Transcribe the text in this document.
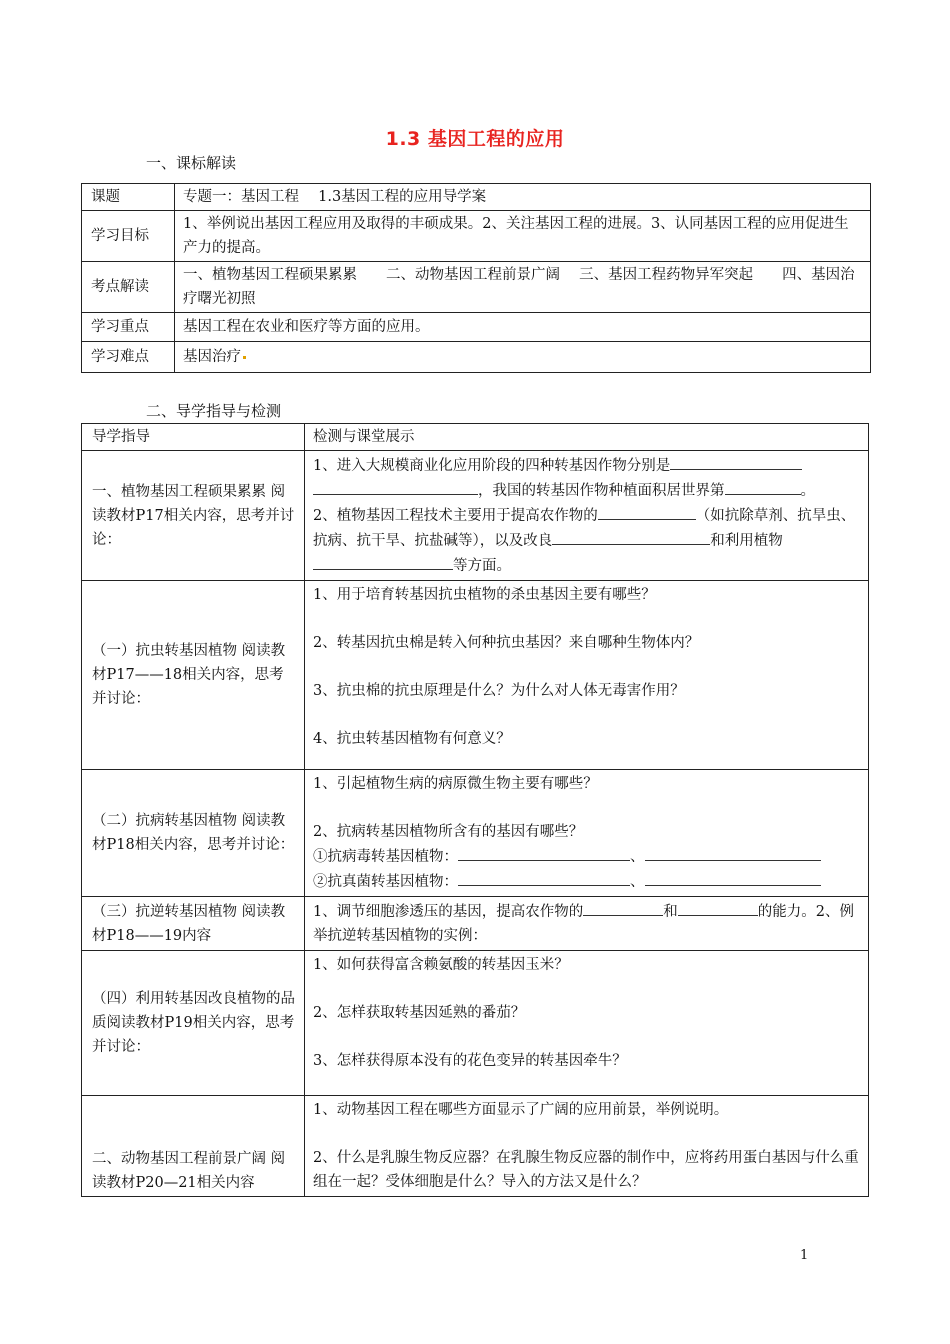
1.3 基因工程的应用
一、课标解读
课题	专题一：基因工程　 1.3基因工程的应用导学案
学习目标	1、举例说出基因工程应用及取得的丰硕成果。2、关注基因工程的进展。3、认同基因工程的应用促进生产力的提高。
考点解读	一、植物基因工程硕果累累　　二、动物基因工程前景广阔　 三、基因工程药物异军突起　　四、基因治疗曙光初照
学习重点	基因工程在农业和医疗等方面的应用。
学习难点	基因治疗
二、导学指导与检测
导学指导	检测与课堂展示
一、植物基因工程硕果累累 阅读教材P17相关内容，思考并讨论：	1、进入大规模商业化应用阶段的四种转基因作物分别是
，我国的转基因作物种植面积居世界第 。
2、植物基因工程技术主要用于提高农作物的 （如抗除草剂、抗旱虫、抗病、抗干旱、抗盐碱等），以及改良 和利用植物
等方面。

（一）抗虫转基因植物 阅读教材P17——18相关内容，思考并讨论：	1、用于培育转基因抗虫植物的杀虫基因主要有哪些？
2、转基因抗虫棉是转入何种抗虫基因？来自哪种生物体内？
3、抗虫棉的抗虫原理是什么？为什么对人体无毒害作用？
4、抗虫转基因植物有何意义？

（二）抗病转基因植物 阅读教材P18相关内容，思考并讨论：	1、引起植物生病的病原微生物主要有哪些？
2、抗病转基因植物所含有的基因有哪些？
①抗病毒转基因植物： 、
②抗真菌转基因植物： 、

（三）抗逆转基因植物 阅读教材P18——19内容	1、调节细胞渗透压的基因，提高农作物的 和 的能力。2、例举抗逆转基因植物的实例：

（四）利用转基因改良植物的品质阅读教材P19相关内容，思考并讨论：	1、如何获得富含赖氨酸的转基因玉米？
2、怎样获取转基因延熟的番茄？
3、怎样获得原本没有的花色变异的转基因牵牛？

二、动物基因工程前景广阔 阅读教材P20—21相关内容	1、动物基因工程在哪些方面显示了广阔的应用前景，举例说明。
2、什么是乳腺生物反应器？在乳腺生物反应器的制作中，应将药用蛋白基因与什么重组在一起？受体细胞是什么？导入的方法又是什么？
1
